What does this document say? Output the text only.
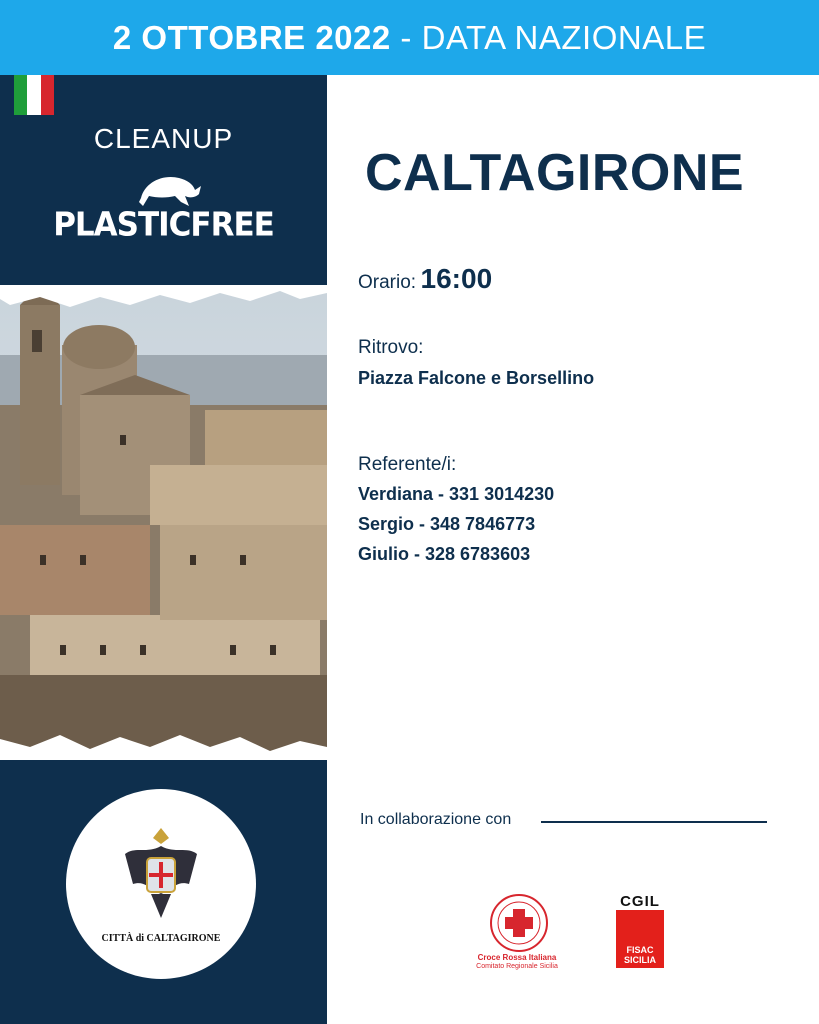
2 OTTOBRE 2022 - DATA NAZIONALE
CLEANUP
PLASTICFREE
CITTÀ di CALTAGIRONE
CALTAGIRONE
Orario: 16:00
Ritrovo:
Piazza Falcone e Borsellino
Referente/i:
Verdiana - 331 3014230
Sergio - 348 7846773
Giulio - 328 6783603
In collaborazione con
Croce Rossa Italiana
Comitato Regionale Sicilia
CGIL
FISAC SICILIA
